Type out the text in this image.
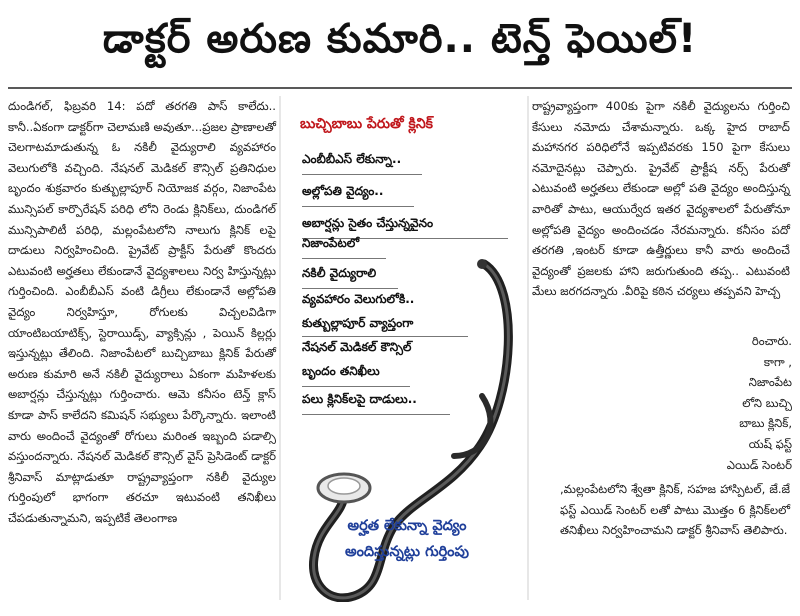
డాక్టర్ అరుణ కుమారి.. టెన్త్ ఫెయిల్!

దుండిగల్, ఫిబ్రవరి 14: పదో తరగతి పాస్ కాలేదు.. కానీ..ఏకంగా డాక్టర్‌గా చెలామణి అవుతూ...ప్రజల ప్రాణాలతో చెలగాటమాడుతున్న ఓ నకిలీ వైద్యురాలి వ్యవహారం వెలుగులోకి వచ్చింది. నేషనల్ మెడికల్ కౌన్సిల్ ప్రతినిధుల బృందం శుక్రవారం కుత్బుల్లాపూర్ నియోజక వర్గం, నిజాంపేట మున్సిపల్ కార్పొరేషన్ పరిధి లోని రెండు క్లినిక్‌లు, దుండిగల్ మున్సిపాలిటీ పరిధి, మల్లంపేటలోని నాలుగు క్లినిక్ లపై దాడులు నిర్వహించింది. ప్రైవేట్ ప్రాక్టీస్ పేరుతో కొందరు ఎటువంటి అర్హతలు లేకుండానే వైద్యశాలలు నిర్వ హిస్తున్నట్లు గుర్తించింది. ఎంబీబీఎస్ వంటి డిగ్రీలు లేకుండానే అల్లోపతి వైద్యం నిర్వహిస్తూ, రోగులకు విచ్చలవిడిగా యాంటిబయాటిక్స్, స్టెరాయిడ్స్, వ్యాక్సిన్లు , పెయిన్ కిల్లర్లు ఇస్తున్నట్లు తేలింది. నిజాంపేటలో బుచ్చిబాబు క్లినిక్ పేరుతో అరుణ కుమారి అనే నకిలీ వైద్యురాలు ఏకంగా మహిళలకు అబార్షన్లు చేస్తున్నట్లు గుర్తించారు. ఆమె కనీసం టెన్త్ క్లాస్ కూడా పాస్ కాలేదని కమిషన్ సభ్యులు పేర్కొన్నారు. ఇలాంటి వారు అందించే వైద్యంతో రోగులు మరింత ఇబ్బంది పడాల్సి వస్తుందన్నారు. నేషనల్ మెడికల్ కౌన్సిల్ వైస్ ప్రెసిడెంట్ డాక్టర్ శ్రీనివాస్ మాట్లాడుతూ రాష్ట్రవ్యాప్తంగా నకిలీ వైద్యుల గుర్తింపులో భాగంగా తరచూ ఇటువంటి తనిఖీలు చేపడుతున్నామని, ఇప్పటికే తెలంగాణ

రాష్ట్రవ్యాప్తంగా 400కు పైగా నకిలీ వైద్యులను గుర్తించి కేసులు నమోదు చేశామన్నారు. ఒక్క హైద రాబాద్ మహానగర పరిధిలోనే ఇప్పటివరకు 150 పైగా కేసులు నమోదైనట్లు చెప్పారు. ప్రైవేట్ ప్రాక్టీష నర్స్ పేరుతో ఎటువంటి అర్హతలు లేకుండా అల్లో పతి వైద్యం అందిస్తున్న వారితో పాటు, ఆయుర్వేద ఇతర వైద్యశాలలో పేరుతోనూ అల్లోపతి వైద్యం అందించడం నేరమన్నారు. కనీసం పదో తరగతి ,ఇంటర్ కూడా ఉత్తీర్ణులు కానీ వారు అందించే వైద్యంతో ప్రజలకు హాని జరుగుతుంది తప్ప.. ఎటువంటి మేలు జరగదన్నారు .వీరిపై కఠిన చర్యలు తప్పవని హెచ్చ

రించారు.
కాగా ,
నిజాంపేట
లోని బుచ్చి
బాబు క్లినిక్,
యష్ ఫస్ట్
ఎయిడ్ సెంటర్

,మల్లంపేటలోని శ్వేతా క్లినిక్, సహజ హాస్పిటల్, జే.జే ఫస్ట్ ఎయిడ్ సెంటర్ లతో పాటు మొత్తం 6 క్లినిక్‌లలో తనిఖీలు నిర్వహించామని డాక్టర్ శ్రీనివాస్ తెలిపారు.

బుచ్చిబాబు పేరుతో క్లినిక్
ఎంబీబీఎస్ లేకున్నా..
అల్లోపతి వైద్యం..
అబార్షన్లు సైతం చేస్తున్నవైనం
నిజాంపేటలో
నకిలీ వైద్యురాలి
వ్యవహారం వెలుగులోకి..
కుత్బుల్లాపూర్ వ్యాప్తంగా
నేషనల్ మెడికల్ కౌన్సిల్
బృందం తనిఖీలు
పలు క్లినిక్‌లపై దాడులు..
అర్హత లేకున్నా వైద్యం
అందిస్తున్నట్లు గుర్తింపు
